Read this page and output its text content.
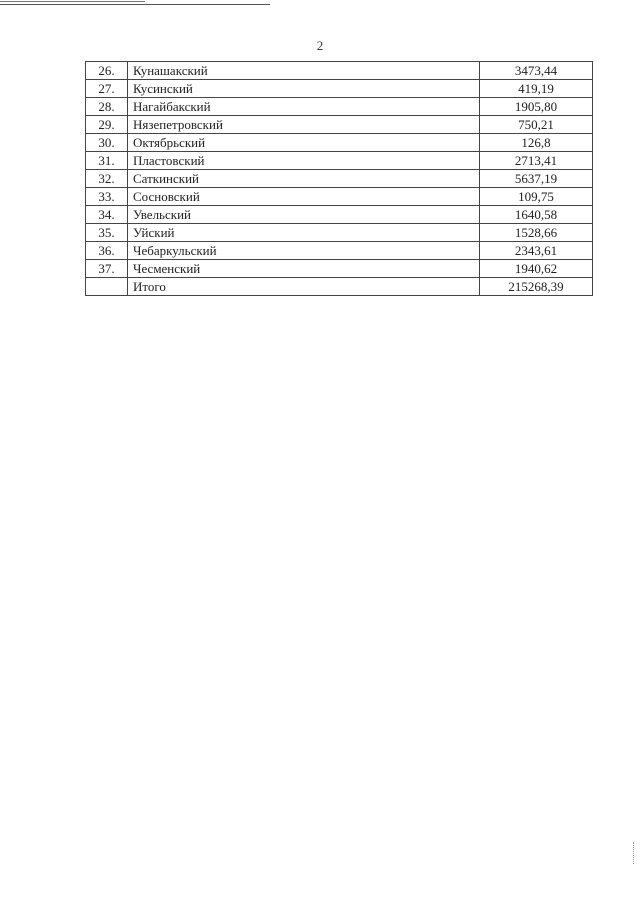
2
26.	Кунашакский	3473,44
27.	Кусинский	419,19
28.	Нагайбакский	1905,80
29.	Нязепетровский	750,21
30.	Октябрьский	126,8
31.	Пластовский	2713,41
32.	Саткинский	5637,19
33.	Сосновский	109,75
34.	Увельский	1640,58
35.	Уйский	1528,66
36.	Чебаркульский	2343,61
37.	Чесменский	1940,62
	Итого	215268,39
